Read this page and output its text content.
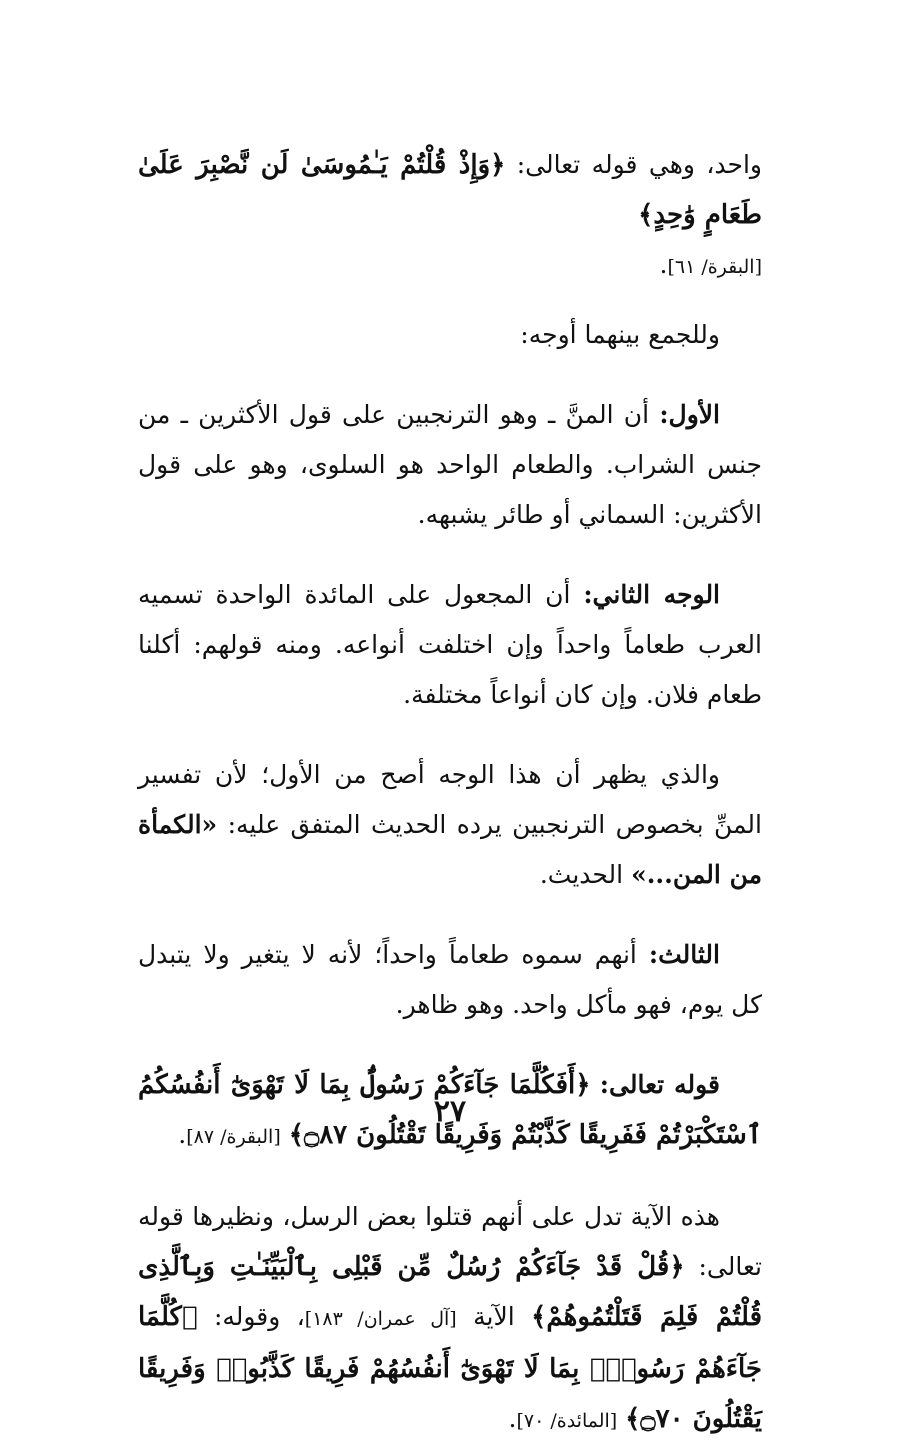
واحد، وهي قوله تعالى: ﴿وَإِذْ قُلْتُمْ يَـٰمُوسَىٰ لَن نَّصْبِرَ عَلَىٰ طَعَامٍ وَٰحِدٍ﴾
[البقرة/ ٦١].

وللجمع بينهما أوجه:

الأول: أن المنَّ ـ وهو الترنجبين على قول الأكثرين ـ من جنس الشراب. والطعام الواحد هو السلوى، وهو على قول الأكثرين: السماني أو طائر يشبهه.

الوجه الثاني: أن المجعول على المائدة الواحدة تسميه العرب طعاماً واحداً وإن اختلفت أنواعه. ومنه قولهم: أكلنا طعام فلان. وإن كان أنواعاً مختلفة.

والذي يظهر أن هذا الوجه أصح من الأول؛ لأن تفسير المنِّ بخصوص الترنجبين يرده الحديث المتفق عليه: «الكمأة من المن...» الحديث.

الثالث: أنهم سموه طعاماً واحداً؛ لأنه لا يتغير ولا يتبدل كل يوم، فهو مأكل واحد. وهو ظاهر.

قوله تعالى: ﴿أَفَكُلَّمَا جَآءَكُمْ رَسُولٌۢ بِمَا لَا تَهْوَىٰٓ أَنفُسُكُمُ ٱسْتَكْبَرْتُمْ فَفَرِيقًا كَذَّبْتُمْ وَفَرِيقًا تَقْتُلُونَ ۝٨٧﴾ [البقرة/ ٨٧].

هذه الآية تدل على أنهم قتلوا بعض الرسل، ونظيرها قوله تعالى: ﴿قُلْ قَدْ جَآءَكُمْ رُسُلٌ مِّن قَبْلِى بِٱلْبَيِّنَـٰتِ وَبِٱلَّذِى قُلْتُمْ فَلِمَ قَتَلْتُمُوهُمْ﴾ الآية [آل عمران/ ١٨٣]، وقوله: ﴿كُلَّمَا جَآءَهُمْ رَسُولٌۢ بِمَا لَا تَهْوَىٰٓ أَنفُسُهُمْ فَرِيقًا كَذَّبُوا۟ وَفَرِيقًا يَقْتُلُونَ ۝٧٠﴾ [المائدة/ ٧٠].

٢٧
